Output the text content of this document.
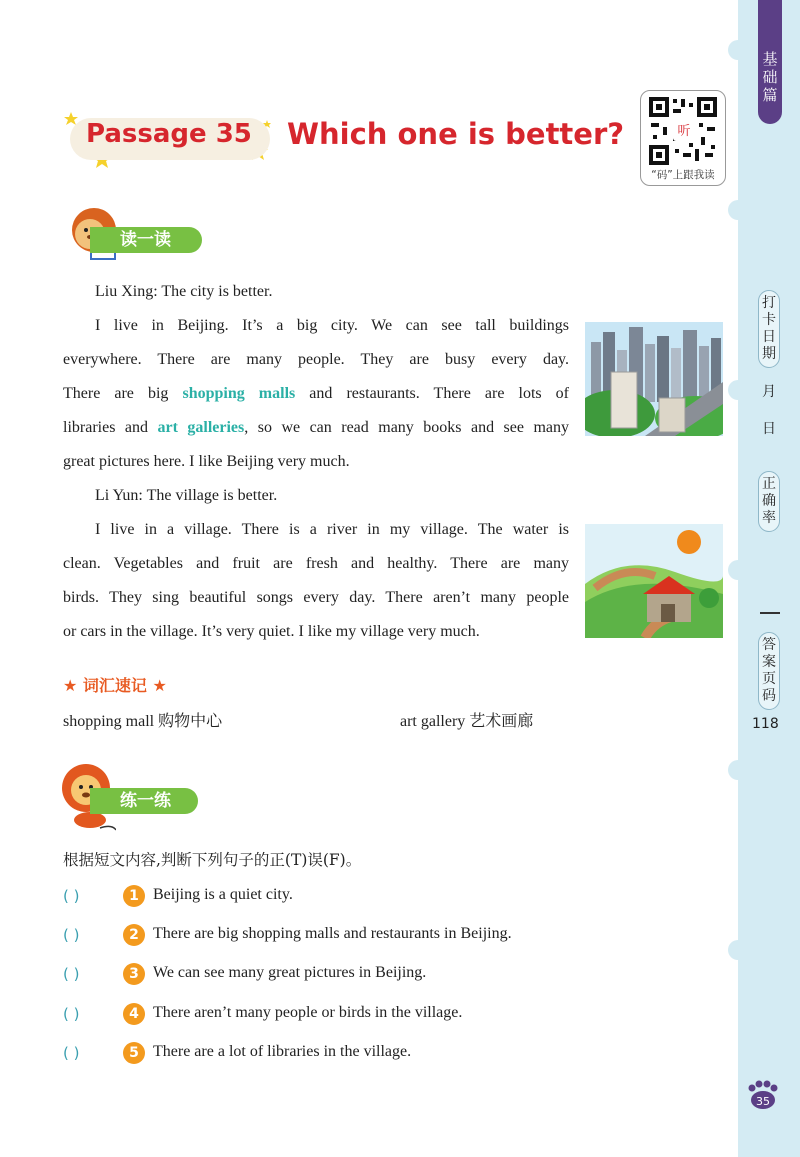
基础篇
打卡日期
月
日
正确率
答案页码
118
35
Passage 35 Which one is better?	听
“码”上跟我读
读一读
Liu Xing: The city is better.
I live in Beijing. It’s a big city. We can see tall buildings
everywhere. There are many people. They are busy every day.
There are big shopping malls and restaurants. There are lots of
libraries and art galleries, so we can read many books and see many
great pictures here. I like Beijing very much.
Li Yun: The village is better.
I live in a village. There is a river in my village. The water is
clean. Vegetables and fruit are fresh and healthy. There are many
birds. They sing beautiful songs every day. There aren’t many people
or cars in the village. It’s very quiet. I like my village very much.
★ 词汇速记 ★
shopping mall 购物中心	art gallery 艺术画廊
练一练
根据短文内容,判断下列句子的正(T)误(F)。
( )	1 Beijing is a quiet city.
( )	2 There are big shopping malls and restaurants in Beijing.
( )	3 We can see many great pictures in Beijing.
( )	4 There aren’t many people or birds in the village.
( )	5 There are a lot of libraries in the village.
